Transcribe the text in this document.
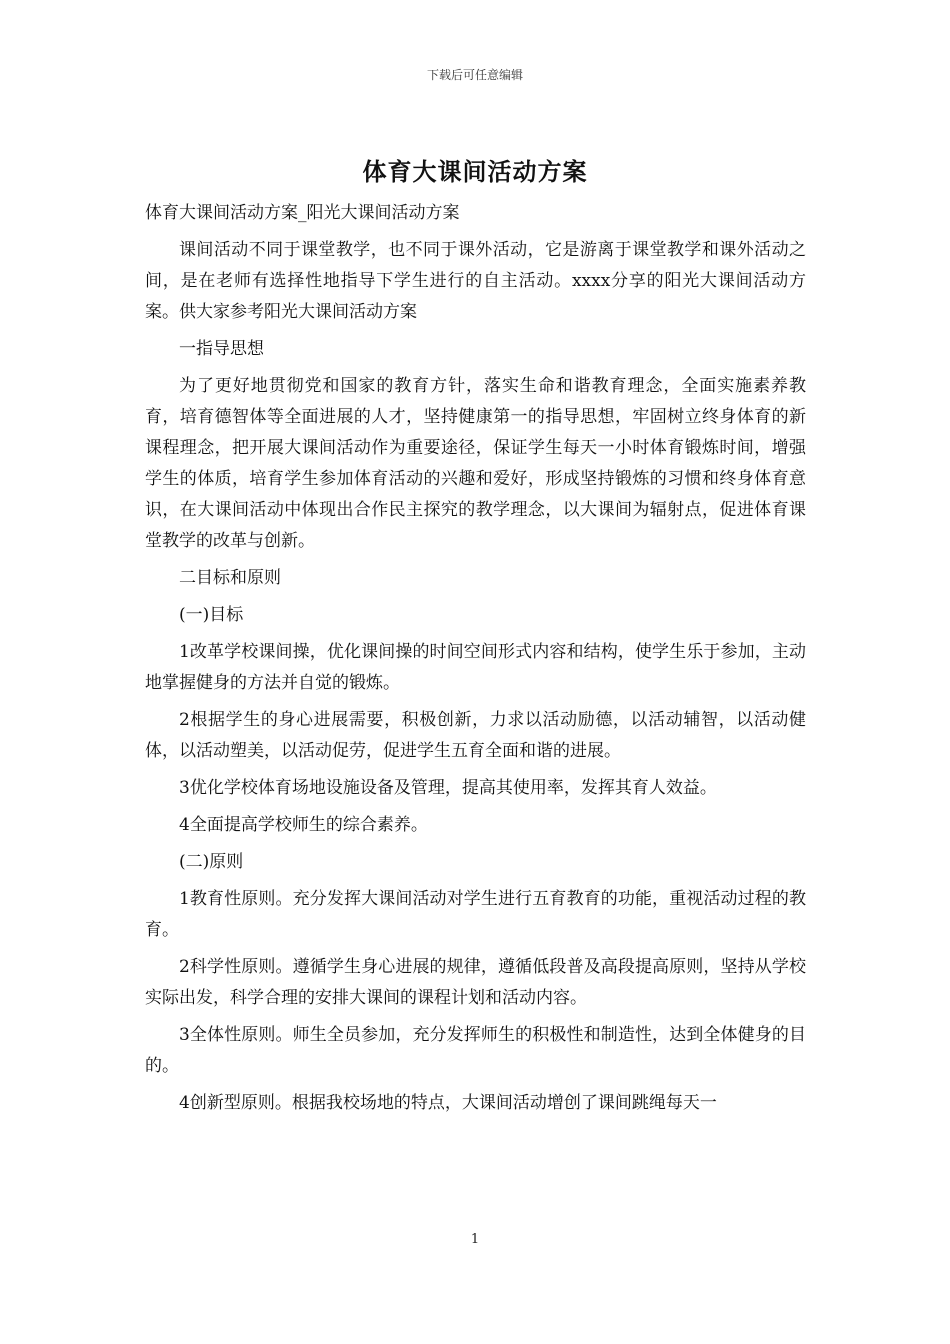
下载后可任意编辑
体育大课间活动方案

体育大课间活动方案_阳光大课间活动方案

课间活动不同于课堂教学，也不同于课外活动，它是游离于课堂教学和课外活动之间，是在老师有选择性地指导下学生进行的自主活动。xxxx分享的阳光大课间活动方案。供大家参考阳光大课间活动方案

一指导思想

为了更好地贯彻党和国家的教育方针，落实生命和谐教育理念，全面实施素养教育，培育德智体等全面进展的人才，坚持健康第一的指导思想，牢固树立终身体育的新课程理念，把开展大课间活动作为重要途径，保证学生每天一小时体育锻炼时间，增强学生的体质，培育学生参加体育活动的兴趣和爱好，形成坚持锻炼的习惯和终身体育意识，在大课间活动中体现出合作民主探究的教学理念，以大课间为辐射点，促进体育课堂教学的改革与创新。

二目标和原则

(一)目标

1改革学校课间操，优化课间操的时间空间形式内容和结构，使学生乐于参加，主动地掌握健身的方法并自觉的锻炼。

2根据学生的身心进展需要，积极创新，力求以活动励德，以活动辅智，以活动健体，以活动塑美，以活动促劳，促进学生五育全面和谐的进展。

3优化学校体育场地设施设备及管理，提高其使用率，发挥其育人效益。

4全面提高学校师生的综合素养。

(二)原则

1教育性原则。充分发挥大课间活动对学生进行五育教育的功能，重视活动过程的教育。

2科学性原则。遵循学生身心进展的规律，遵循低段普及高段提高原则，坚持从学校实际出发，科学合理的安排大课间的课程计划和活动内容。

3全体性原则。师生全员参加，充分发挥师生的积极性和制造性，达到全体健身的目的。

4创新型原则。根据我校场地的特点，大课间活动增创了课间跳绳每天一

1
